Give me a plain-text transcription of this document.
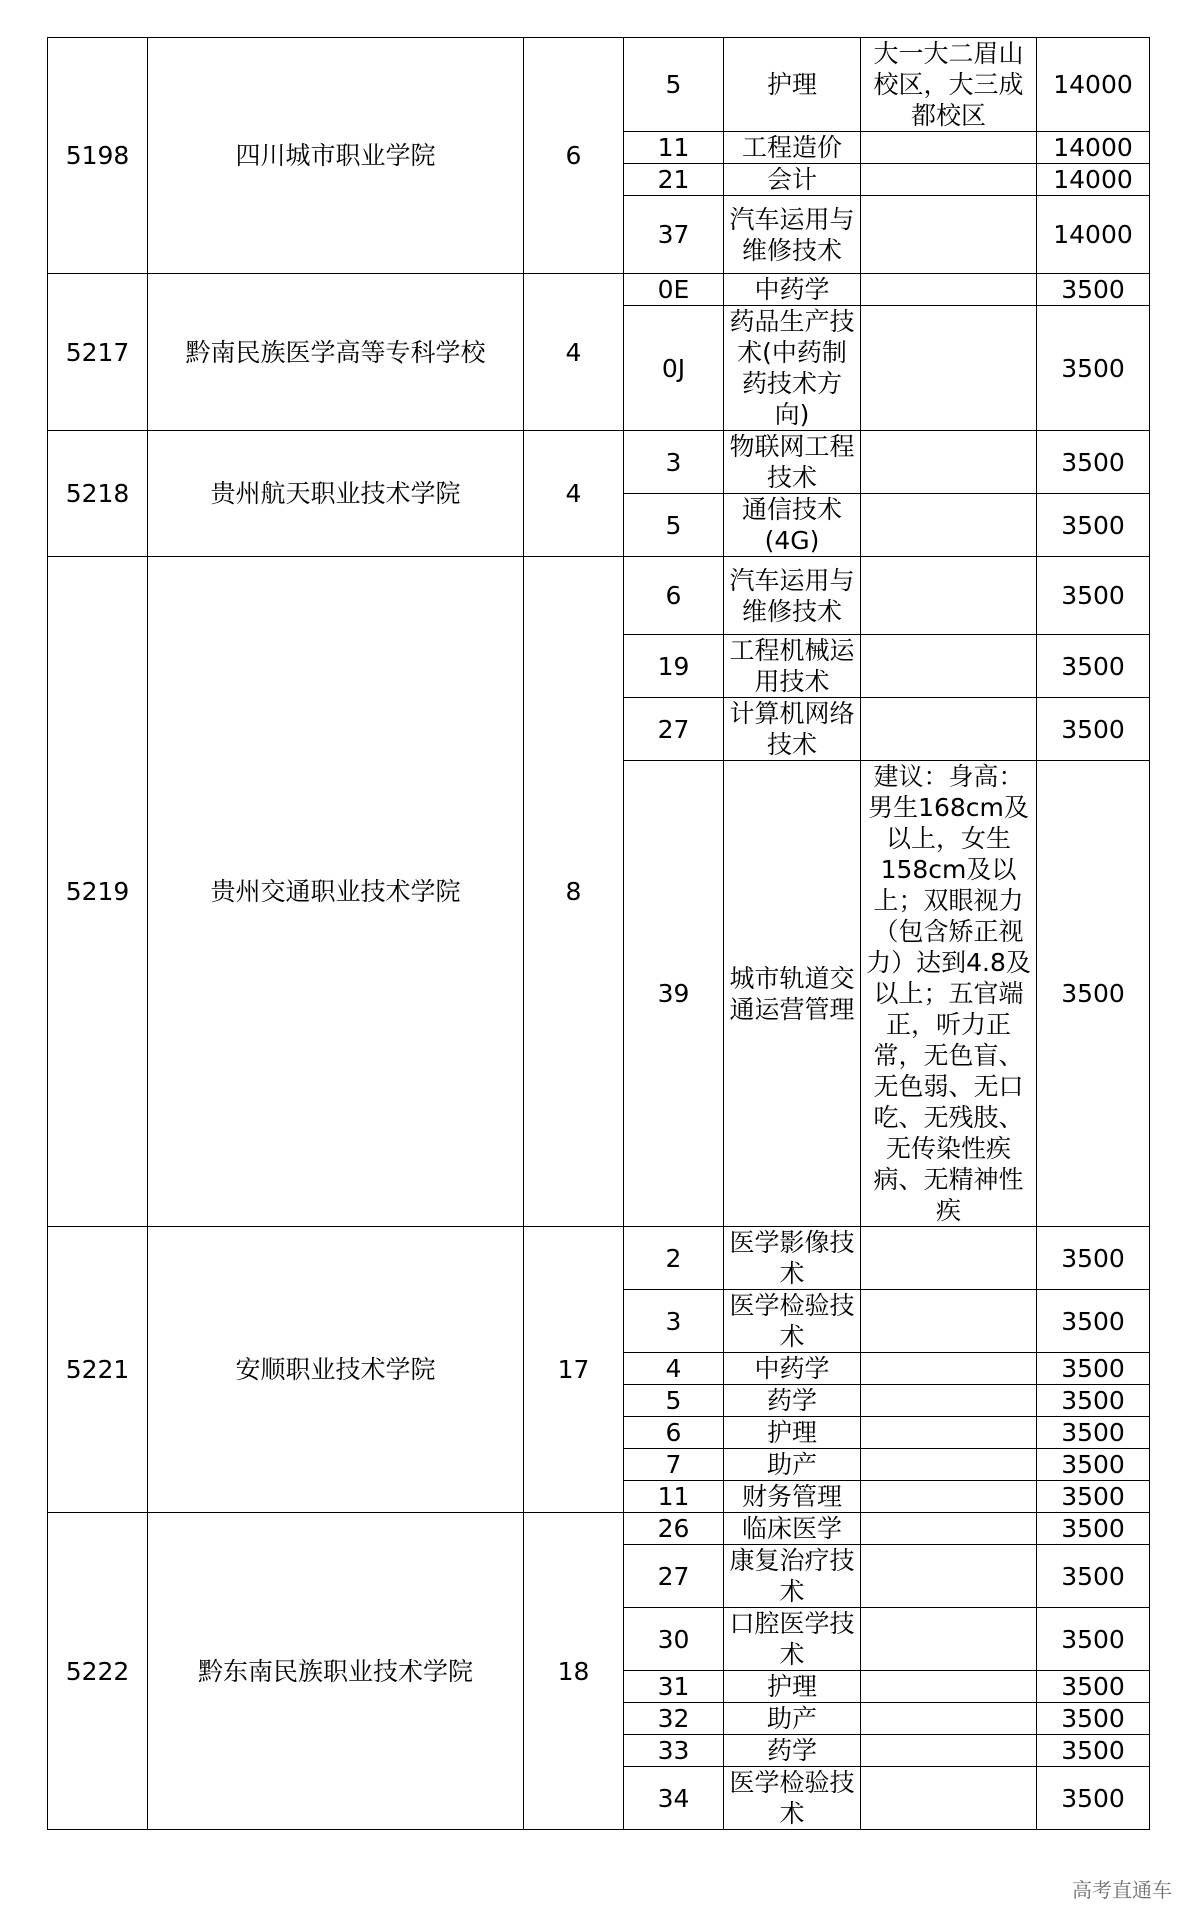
5198	四川城市职业学院	6	5	护理	大一大二眉山校区，大三成都校区	14000
			11	工程造价		14000
			21	会计		14000
			37	汽车运用与维修技术		14000
5217	黔南民族医学高等专科学校	4	0E	中药学		3500
			0J	药品生产技术(中药制药技术方向)		3500
5218	贵州航天职业技术学院	4	3	物联网工程技术		3500
			5	通信技术(4G)		3500
5219	贵州交通职业技术学院	8	6	汽车运用与维修技术		3500
			19	工程机械运用技术		3500
			27	计算机网络技术		3500
			39	城市轨道交通运营管理	建议：身高：男生168cm及以上，女生158cm及以上；双眼视力（包含矫正视力）达到4.8及以上；五官端正，听力正常，无色盲、无色弱、无口吃、无残肢、无传染性疾病、无精神性疾	3500
5221	安顺职业技术学院	17	2	医学影像技术		3500
			3	医学检验技术		3500
			4	中药学		3500
			5	药学		3500
			6	护理		3500
			7	助产		3500
			11	财务管理		3500
5222	黔东南民族职业技术学院	18	26	临床医学		3500
			27	康复治疗技术		3500
			30	口腔医学技术		3500
			31	护理		3500
			32	助产		3500
			33	药学		3500
			34	医学检验技术		3500
高考直通车
